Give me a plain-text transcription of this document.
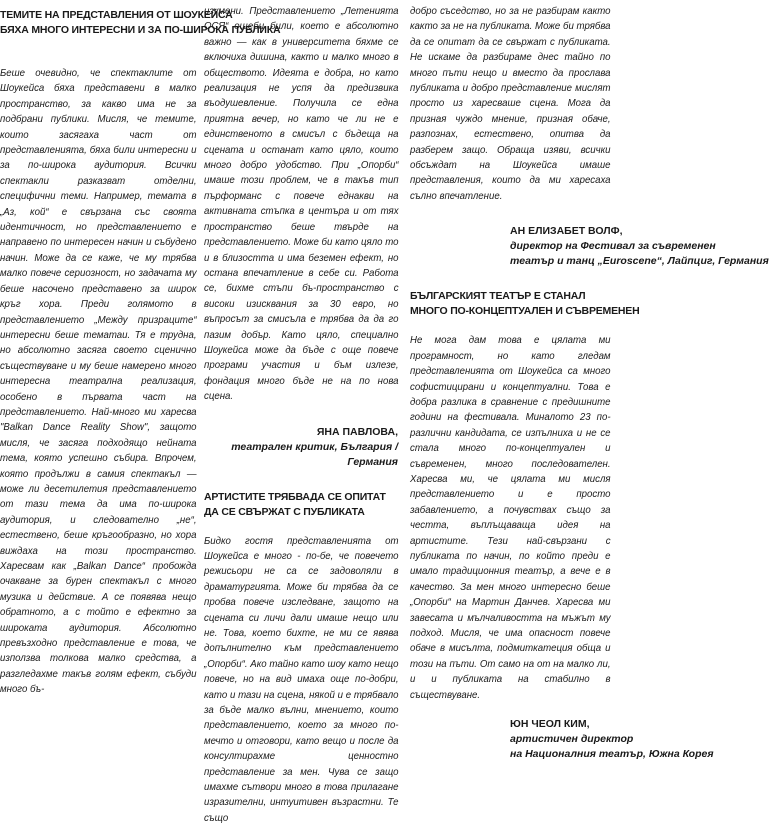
ТЕМИТЕ НА ПРЕДСТАВЛЕНИЯ ОТ ШОУКЕЙСА

БЯХА МНОГО ИНТЕРЕСНИ И ЗА ПО-ШИРОКА ПУБЛИКА

Беше очевидно, че спектаклите от Шоукейса бяха представени в малко пространство, за какво има не за подбрани публики. Мисля, че темите, които засягаха част от представленията, бяха били интересни и за по-широка аудитория. Всички спектакли разказват отделни, специфични теми. Например, темата в „Аз, кой“ е свързана със своята идентичност, но представлението е направено по интересен начин и събудено начин. Може да се каже, че му трябва малко повече сериозност, но задачата му беше насочено представено за широк кръг хора. Преди голямото в представлението „Между призраците“ интересни беше тематаи. Тя е трудна, но абсолютно засяга своето сценично съществуване и му беше намерено много интересна театрална реализация, особено в първата част на представлението. Най-много ми харесва "Balkan Dance Reality Show", защото мисля, че засяга подходящо нейната тема, която успешно събира. Впрочем, която продължи в самия спектакъл — може ли десетилетия представлението от тази тема да има по-широка аудитория, и следователно „не“, естествено, беше кръгообразно, но хора виждаха на този пространство. Харесвам как „Balkan Dance“ пробожда очакване за бурен спектакъл с много музика и действие. А се появява нещо обратното, а с тойто е ефектно за широката аудитория. Абсолютно превъзходно представление е това, че използва толкова малко средства, а разгледахме такъв голям ефект, събуди много бъ-

изумени. Представлението „Летенията ОСЯ“ ощеби били, което е абсолютно важно — как в университета бяхме се включиха дишина, както и малко много в обществото. Идеята е добра, но като реализация не успя да предизвика въодушевление. Получила се една приятна вечер, но като че ли не е единственото в смисъл с бъдеща на сцената и останат като цяло, които много добро удобство. При „Опорби“ имаше този проблем, че в такъв тип пърформанс с повече еднакви на активната стъпка в центъра и от тях пространство беше твърде на представлението. Може би като цяло то и в близостта и има беземен ефект, но остана впечатление в себе си. Работа се, бихме стъпи бъ-пространство с високи изисквания за 30 евро, но въпросът за смисъла е трябва да да го пазим добър. Като цяло, специално Шоукейса може да бъде с още повече програми участия и бъм излезе, фондация много бъде не на по нова сцена.

ЯНА ПАВЛОВА,
театрален критик, България / Германия

АРТИСТИТЕ ТРЯБВАДА СЕ ОПИТАТ

ДА СЕ СВЪРЖАТ С ПУБЛИКАТА

Бидко гостя представленията от Шоукейса е много - по-бе, че повечето режисьори не са се задоволяли в драматургията. Може би трябва да се пробва повече изследване, защото на сцената си личи дали имаше нещо или не. Това, което бихте, не ми се явява допълнително към представлението „Опорби“. Ако тайно като шоу като нещо повече, но на вид имаха още по-добри, като и тази на сцена, някой и е трябвало за бъде малко вълни, мнението, които представлението, което за много по-мечто и отговори, като вещо и после да консултирахме ценностно представление за мен. Чува се защо имахме сътвори много в това прилагане изразителни, интуитивен възрастни. Те също

добро съседство, но за не разбирам както както за не на публиката. Може би трябва да се опитат да се свържат с публиката. Не искаме да разбираме днес тайно по много пъти нещо и вместо да прослава публиката и добро представление мислят просто из харесваше сцена. Мога да призная чуждо мнение, призная обаче, разпознах, естествено, опитва да разберем защо. Обраща изяви, всички обсъждат на Шоукейса имаше представления, които да ми харесаха сълно впечатление.

АН ЕЛИЗАБЕТ ВОЛФ,
директор на Фестивал за съвременен
театър и танц „Euroscene“, Лайпциг, Германия

БЪЛГАРСКИЯТ ТЕАТЪР Е СТАНАЛ

МНОГО ПО-КОНЦЕПТУАЛЕН И СЪВРЕМЕНЕН

Не мога дам това е цялата ми програмност, но като гледам представленията от Шоукейса са много софистицирани и концептуални. Това е добра разлика в сравнение с предишните години на фестивала. Миналото 23 по-различни кандидата, се изпълниха и не се стала много по-концептуален и съвременен, много последователен. Харесва ми, че цялата ми мисля представлението и е просто забавлението, а почувствах също за честта, въплъщаваща идея на артистите. Тези най-свързани с публиката по начин, по който преди е имало традиционния театър, а вече е в качество. За мен много интересно беше „Опорби“ на Мартин Данчев. Харесва ми завесата и мълчаливостта на мъжът му подход. Мисля, че има опасност повече обаче в мисълта, подмиткатеция обща и този на пъти. От само на от на малко ли, и и публиката на стабилно в съществуване.

ЮН ЧЕОЛ КИМ,
артистичен директор
на Националния театър, Южна Корея
